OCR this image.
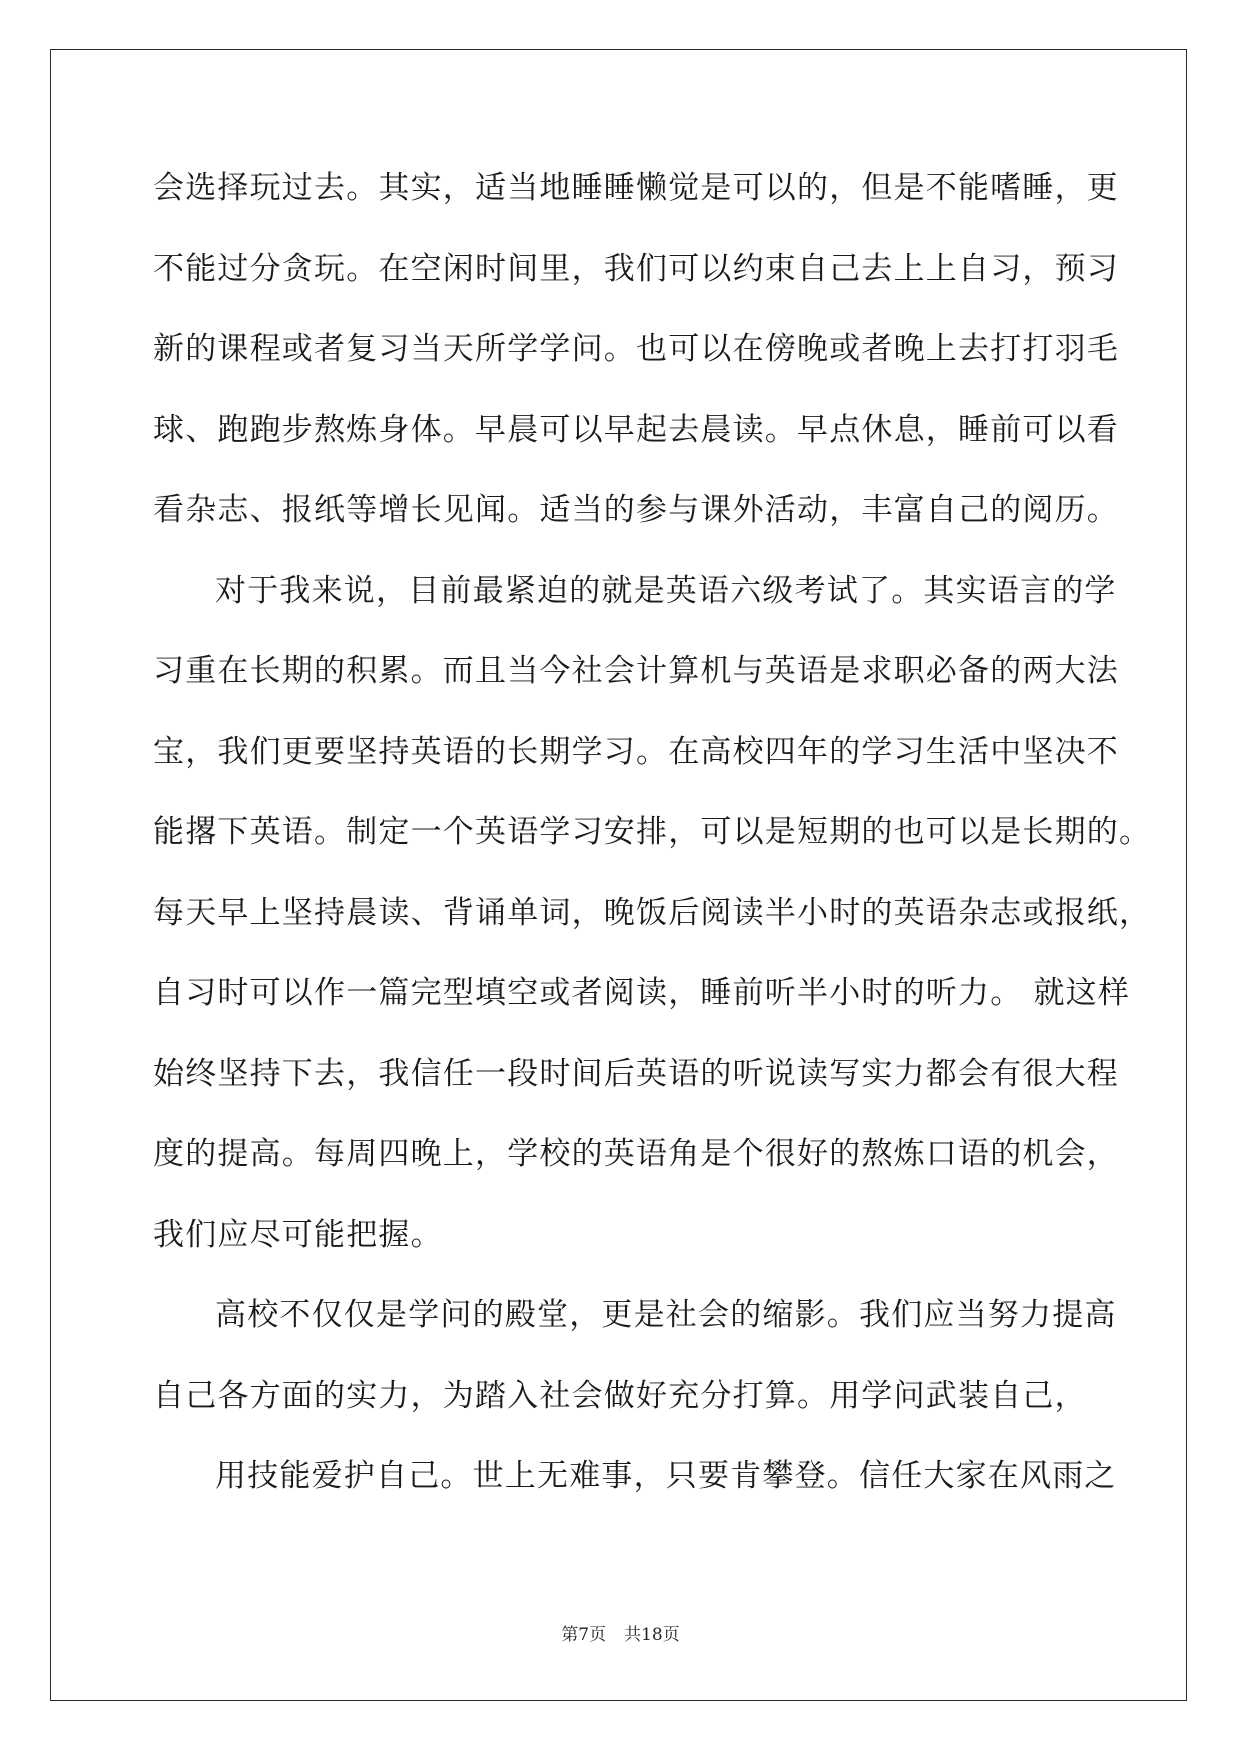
会选择玩过去。其实，适当地睡睡懒觉是可以的，但是不能嗜睡，更
不能过分贪玩。在空闲时间里，我们可以约束自己去上上自习，预习
新的课程或者复习当天所学学问。也可以在傍晚或者晚上去打打羽毛
球、跑跑步熬炼身体。早晨可以早起去晨读。早点休息，睡前可以看
看杂志、报纸等增长见闻。适当的参与课外活动，丰富自己的阅历。
对于我来说，目前最紧迫的就是英语六级考试了。其实语言的学
习重在长期的积累。而且当今社会计算机与英语是求职必备的两大法
宝，我们更要坚持英语的长期学习。在高校四年的学习生活中坚决不
能撂下英语。制定一个英语学习安排，可以是短期的也可以是长期的。
每天早上坚持晨读、背诵单词，晚饭后阅读半小时的英语杂志或报纸，
自习时可以作一篇完型填空或者阅读，睡前听半小时的听力。 就这样
始终坚持下去，我信任一段时间后英语的听说读写实力都会有很大程
度的提高。每周四晚上，学校的英语角是个很好的熬炼口语的机会，
我们应尽可能把握。
高校不仅仅是学问的殿堂，更是社会的缩影。我们应当努力提高
自己各方面的实力，为踏入社会做好充分打算。用学问武装自己，
用技能爱护自己。世上无难事，只要肯攀登。信任大家在风雨之
第7页 共18页
